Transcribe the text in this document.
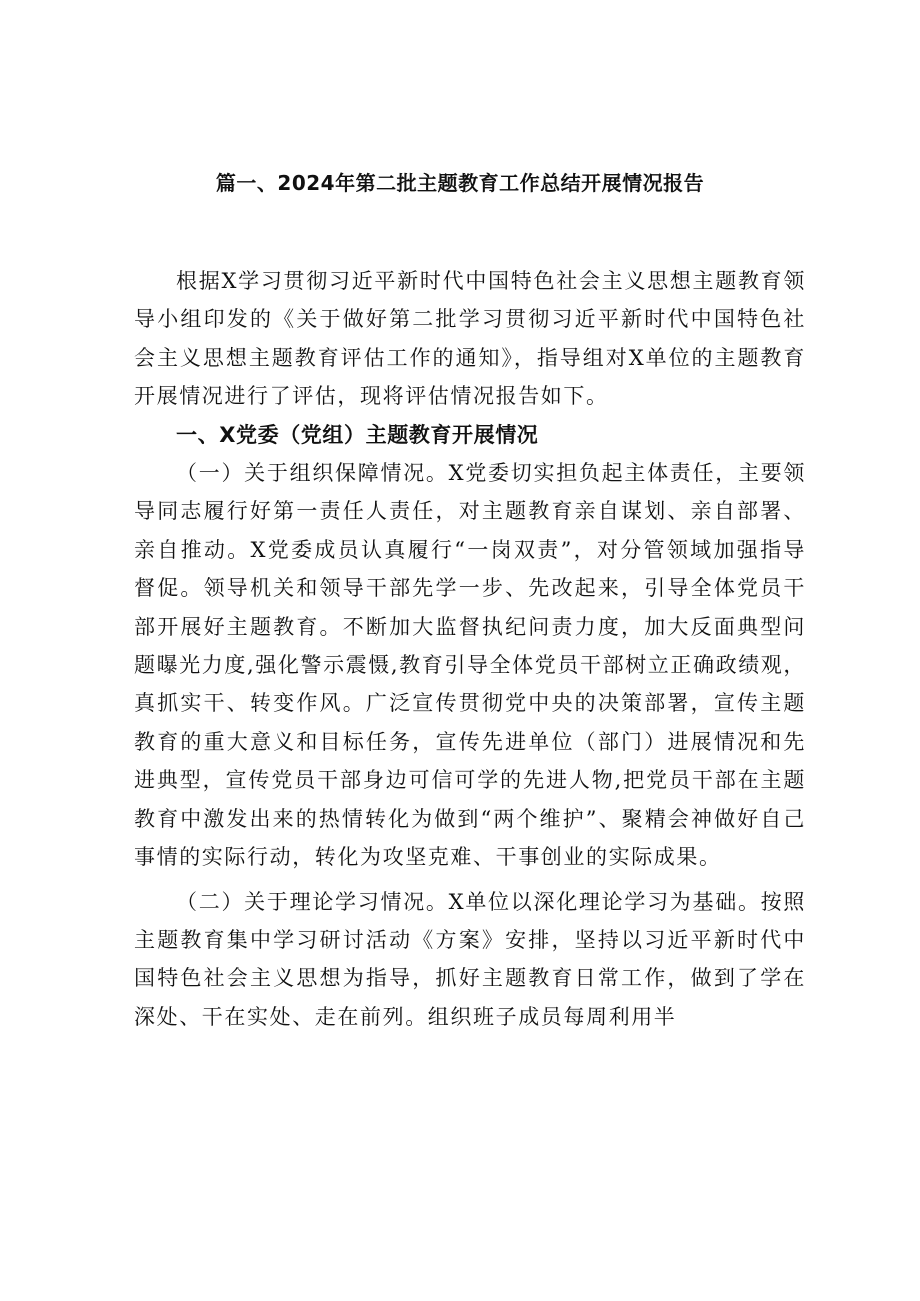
篇一、2024年第二批主题教育工作总结开展情况报告

根据X学习贯彻习近平新时代中国特色社会主义思想主题教育领导小组印发的《关于做好第二批学习贯彻习近平新时代中国特色社会主义思想主题教育评估工作的通知》，指导组对X单位的主题教育开展情况进行了评估，现将评估情况报告如下。

一、X党委（党组）主题教育开展情况

（一）关于组织保障情况。X党委切实担负起主体责任，主要领导同志履行好第一责任人责任，对主题教育亲自谋划、亲自部署、亲自推动。X党委成员认真履行“一岗双责”，对分管领域加强指导督促。领导机关和领导干部先学一步、先改起来，引导全体党员干部开展好主题教育。不断加大监督执纪问责力度，加大反面典型问题曝光力度,强化警示震慑,教育引导全体党员干部树立正确政绩观，真抓实干、转变作风。广泛宣传贯彻党中央的决策部署，宣传主题教育的重大意义和目标任务，宣传先进单位（部门）进展情况和先进典型，宣传党员干部身边可信可学的先进人物,把党员干部在主题教育中激发出来的热情转化为做到“两个维护”、聚精会神做好自己事情的实际行动，转化为攻坚克难、干事创业的实际成果。

（二）关于理论学习情况。X单位以深化理论学习为基础。按照主题教育集中学习研讨活动《方案》安排，坚持以习近平新时代中国特色社会主义思想为指导，抓好主题教育日常工作，做到了学在深处、干在实处、走在前列。组织班子成员每周利用半
